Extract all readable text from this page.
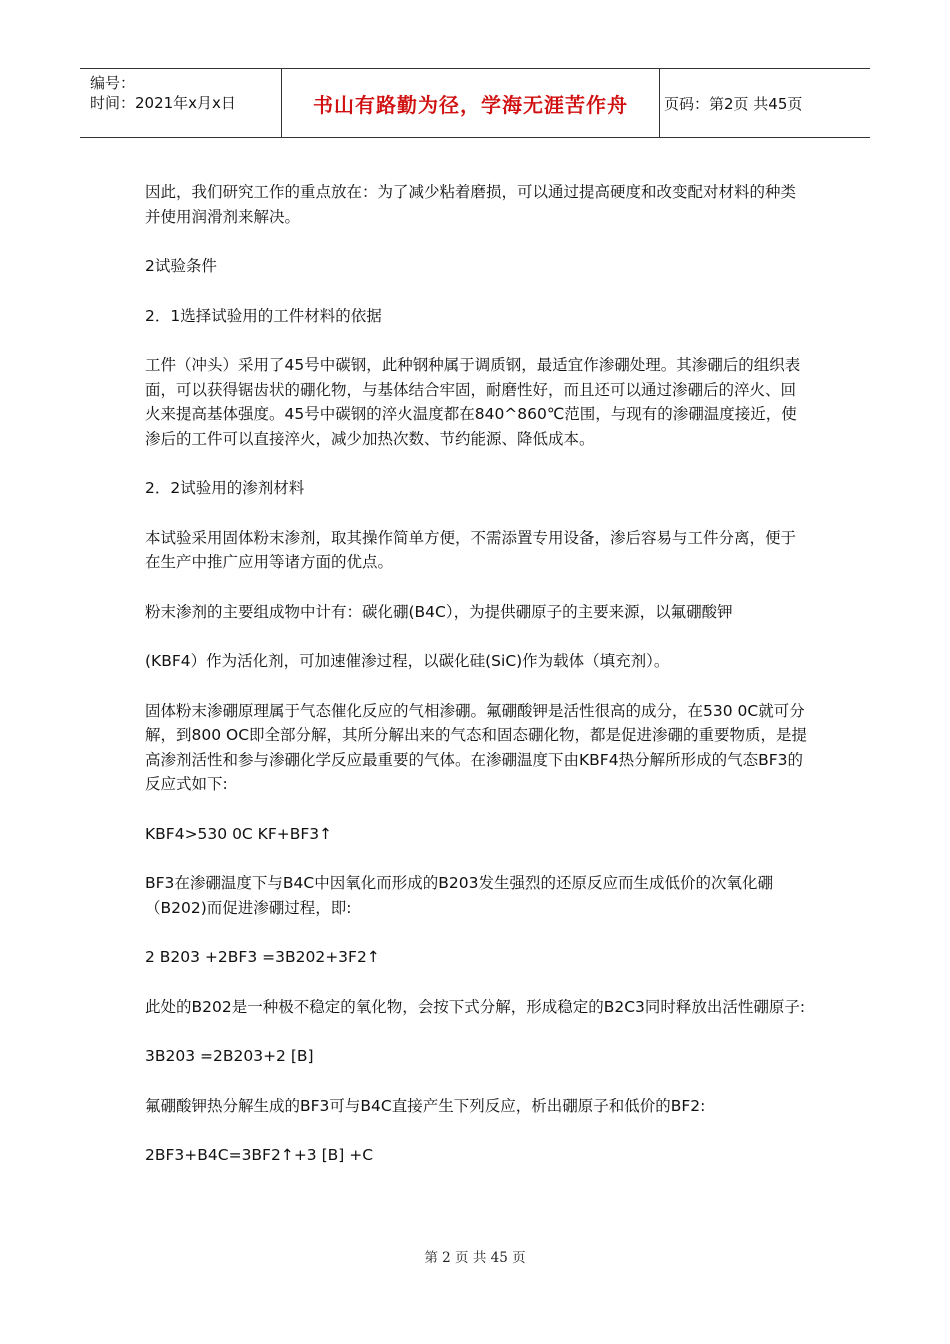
编号：
时间：2021年x月x日	书山有路勤为径，学海无涯苦作舟	页码：第2页 共45页

因此，我们研究工作的重点放在：为了减少粘着磨损，可以通过提高硬度和改变配对材料的种类并使用润滑剂来解决。

2试验条件

2．1选择试验用的工件材料的依据

工件（冲头）采用了45号中碳钢，此种钢种属于调质钢，最适宜作渗硼处理。其渗硼后的组织表面，可以获得锯齿状的硼化物，与基体结合牢固，耐磨性好，而且还可以通过渗硼后的淬火、回火来提高基体强度。45号中碳钢的淬火温度都在840^860℃范围，与现有的渗硼温度接近，使渗后的工件可以直接淬火，减少加热次数、节约能源、降低成本。

2．2试验用的渗剂材料

本试验采用固体粉末渗剂，取其操作简单方便，不需添置专用设备，渗后容易与工件分离，便于在生产中推广应用等诸方面的优点。

粉末渗剂的主要组成物中计有：碳化硼(B4C），为提供硼原子的主要来源，以氟硼酸钾

(KBF4）作为活化剂，可加速催渗过程，以碳化硅(SiC)作为载体（填充剂）。

固体粉末渗硼原理属于气态催化反应的气相渗硼。氟硼酸钾是活性很高的成分，在530 0C就可分解，到800 OC即全部分解，其所分解出来的气态和固态硼化物，都是促进渗硼的重要物质，是提高渗剂活性和参与渗硼化学反应最重要的气体。在渗硼温度下由KBF4热分解所形成的气态BF3的反应式如下:

KBF4>530 0C KF+BF3↑

BF3在渗硼温度下与B4C中因氧化而形成的B203发生强烈的还原反应而生成低价的次氧化硼（B202)而促进渗硼过程，即:

2 B203 +2BF3 =3B202+3F2↑

此处的B202是一种极不稳定的氧化物，会按下式分解，形成稳定的B2C3同时释放出活性硼原子:

3B203 =2B203+2 [B]

氟硼酸钾热分解生成的BF3可与B4C直接产生下列反应，析出硼原子和低价的BF2:

2BF3+B4C=3BF2↑+3 [B] +C

第 2 页 共 45 页
